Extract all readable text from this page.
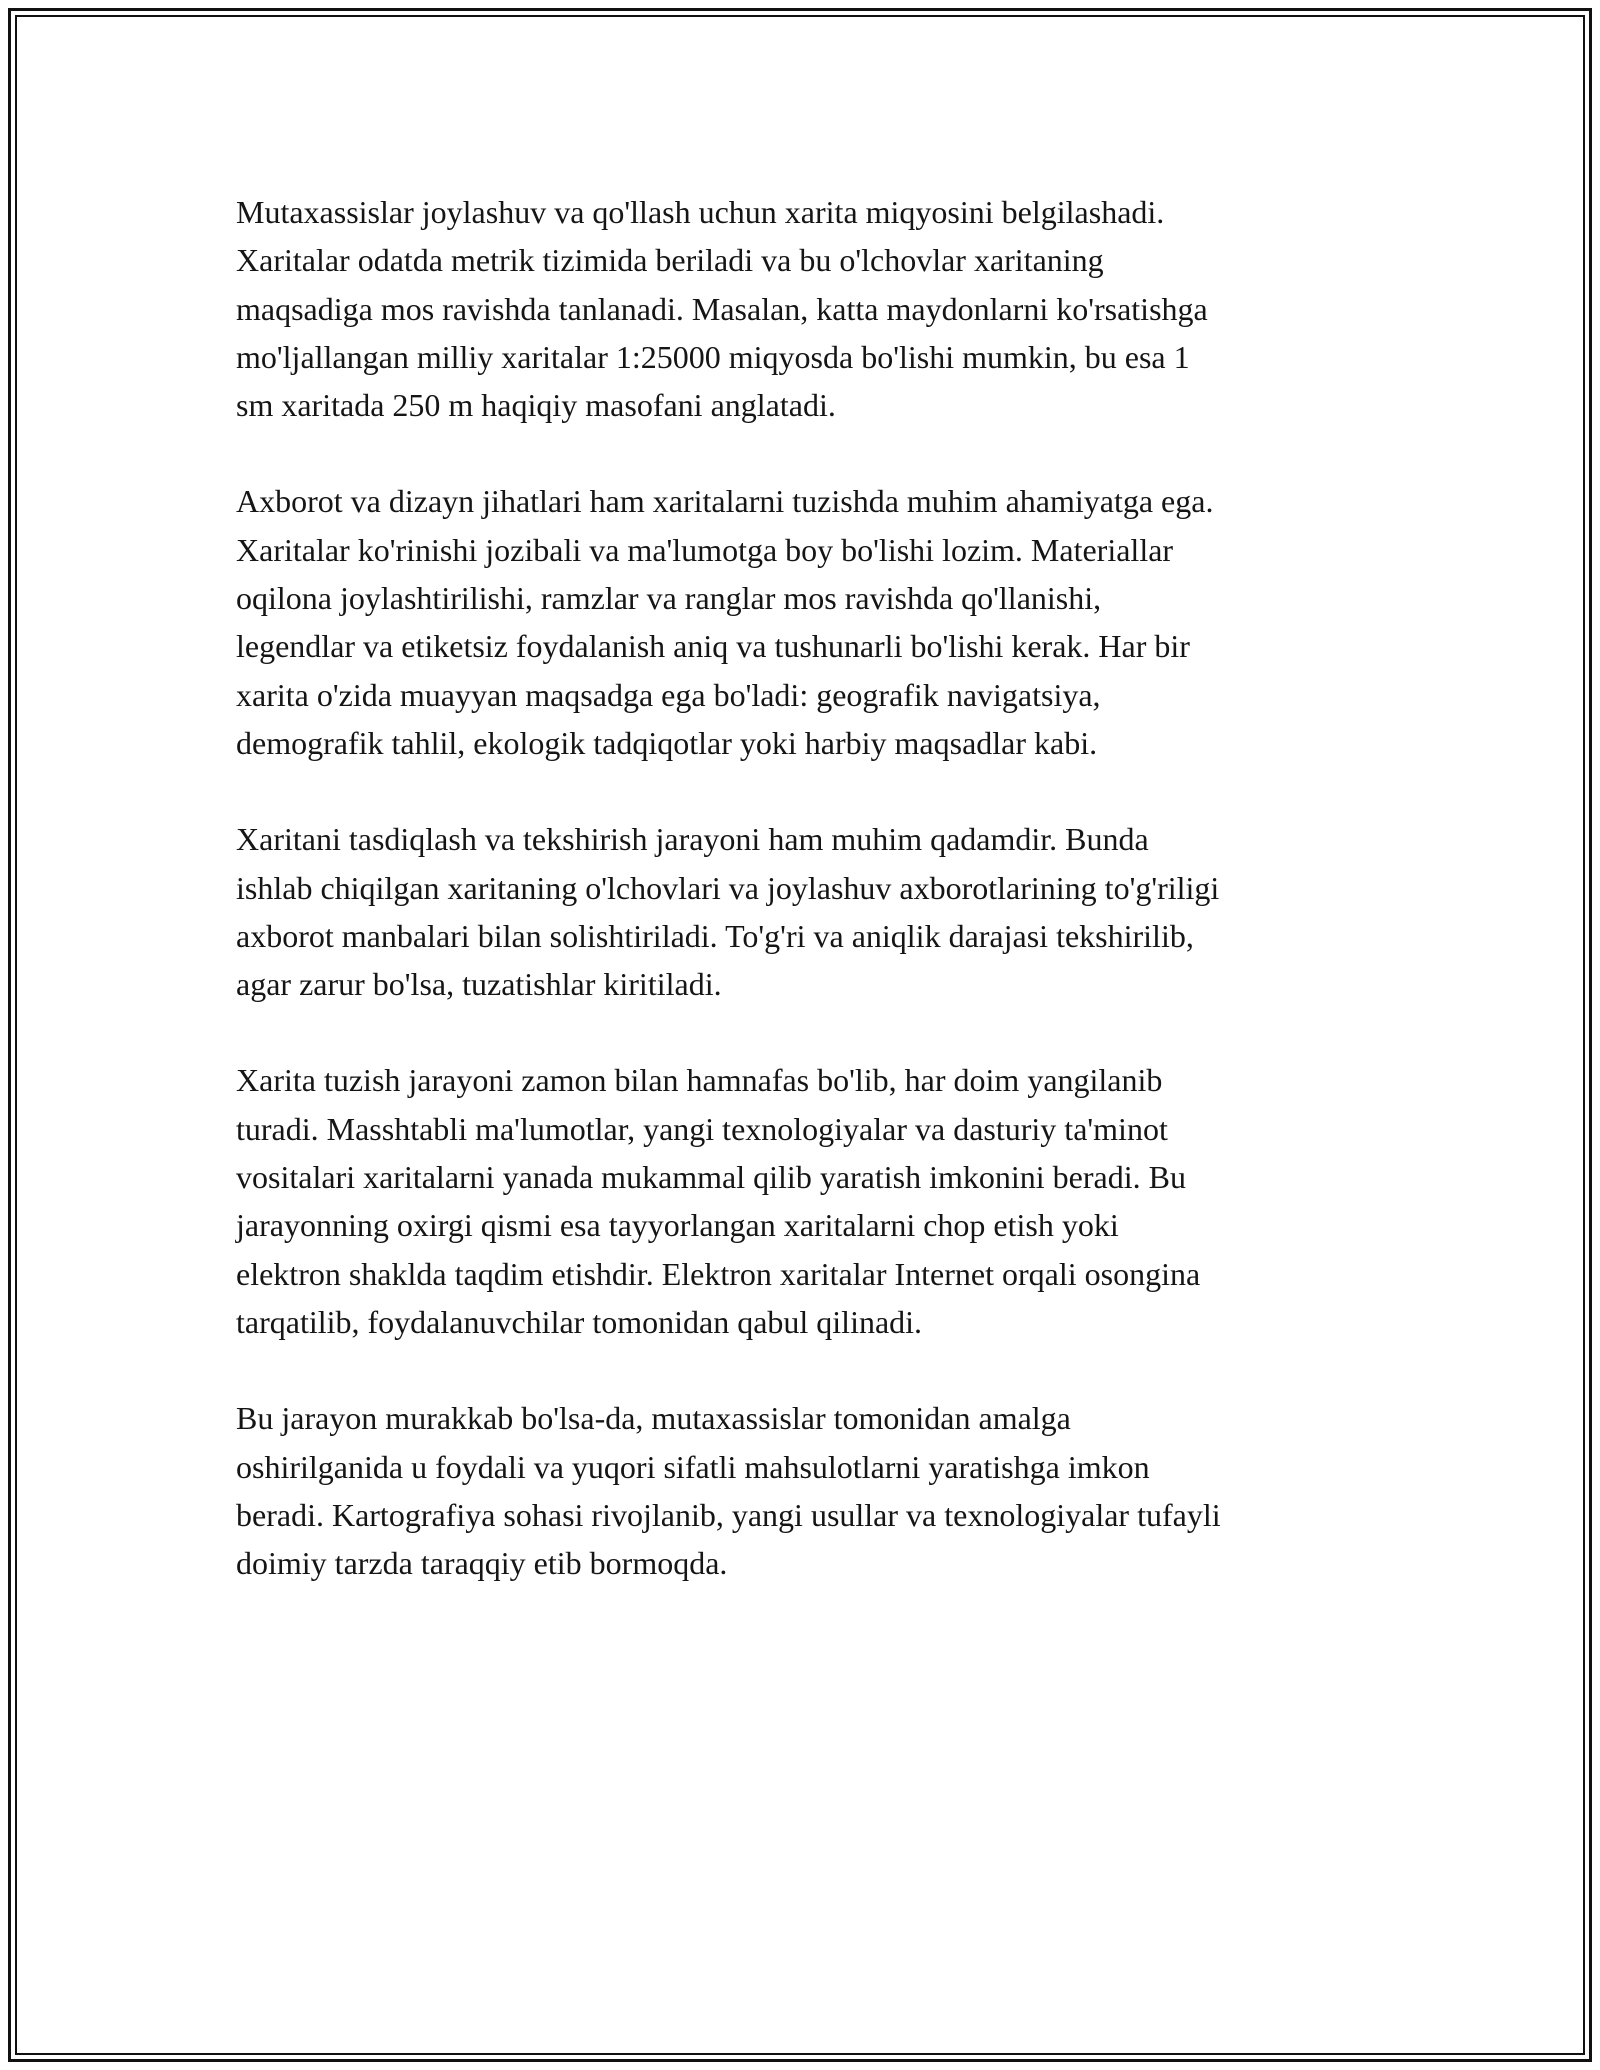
Mutaxassislar joylashuv va qo'llash uchun xarita miqyosini belgilashadi.
Xaritalar odatda metrik tizimida beriladi va bu o'lchovlar xaritaning
maqsadiga mos ravishda tanlanadi. Masalan, katta maydonlarni ko'rsatishga
mo'ljallangan milliy xaritalar 1:25000 miqyosda bo'lishi mumkin, bu esa 1
sm xaritada 250 m haqiqiy masofani anglatadi.

Axborot va dizayn jihatlari ham xaritalarni tuzishda muhim ahamiyatga ega.
Xaritalar ko'rinishi jozibali va ma'lumotga boy bo'lishi lozim. Materiallar
oqilona joylashtirilishi, ramzlar va ranglar mos ravishda qo'llanishi,
legendlar va etiketsiz foydalanish aniq va tushunarli bo'lishi kerak. Har bir
xarita o'zida muayyan maqsadga ega bo'ladi: geografik navigatsiya,
demografik tahlil, ekologik tadqiqotlar yoki harbiy maqsadlar kabi.

Xaritani tasdiqlash va tekshirish jarayoni ham muhim qadamdir. Bunda
ishlab chiqilgan xaritaning o'lchovlari va joylashuv axborotlarining to'g'riligi
axborot manbalari bilan solishtiriladi. To'g'ri va aniqlik darajasi tekshirilib,
agar zarur bo'lsa, tuzatishlar kiritiladi.

Xarita tuzish jarayoni zamon bilan hamnafas bo'lib, har doim yangilanib
turadi. Masshtabli ma'lumotlar, yangi texnologiyalar va dasturiy ta'minot
vositalari xaritalarni yanada mukammal qilib yaratish imkonini beradi. Bu
jarayonning oxirgi qismi esa tayyorlangan xaritalarni chop etish yoki
elektron shaklda taqdim etishdir. Elektron xaritalar Internet orqali osongina
tarqatilib, foydalanuvchilar tomonidan qabul qilinadi.

Bu jarayon murakkab bo'lsa-da, mutaxassislar tomonidan amalga
oshirilganida u foydali va yuqori sifatli mahsulotlarni yaratishga imkon
beradi. Kartografiya sohasi rivojlanib, yangi usullar va texnologiyalar tufayli
doimiy tarzda taraqqiy etib bormoqda.
